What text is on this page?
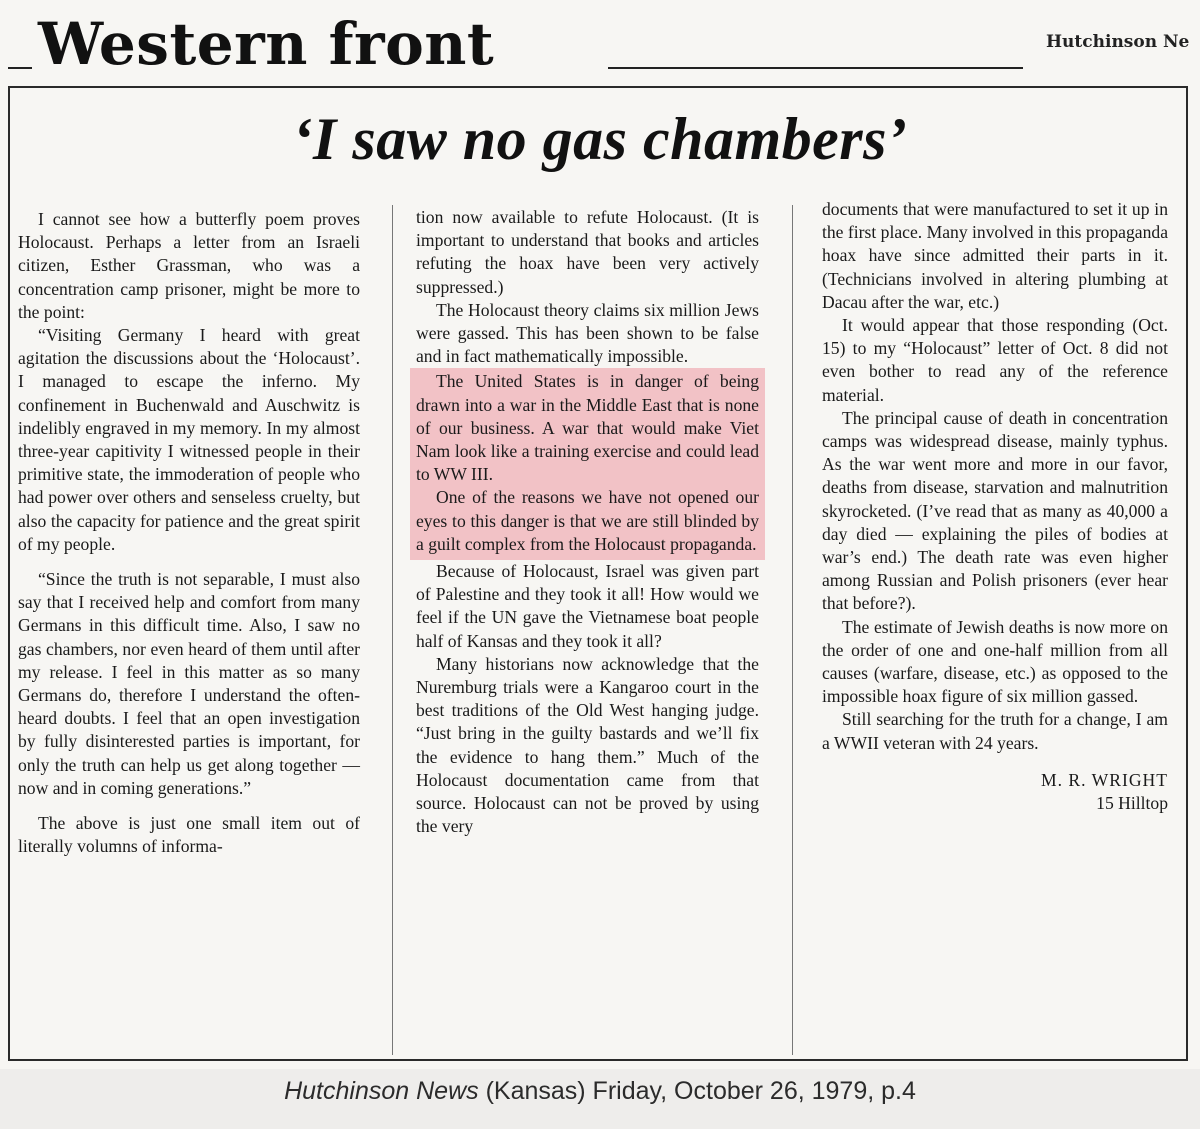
Western front	Hutchinson Ne
‘I saw no gas chambers’

I cannot see how a butterfly poem proves Holocaust. Perhaps a letter from an Israeli citizen, Esther Grassman, who was a concentration camp prisoner, might be more to the point:

“Visiting Germany I heard with great agitation the discussions about the ‘Holocaust’. I managed to escape the inferno. My confinement in Buchenwald and Auschwitz is indelibly engraved in my memory. In my almost three-year capitivity I witnessed people in their primitive state, the immoderation of people who had power over others and senseless cruelty, but also the capacity for patience and the great spirit of my people.

“Since the truth is not separable, I must also say that I received help and comfort from many Germans in this difficult time. Also, I saw no gas chambers, nor even heard of them until after my release. I feel in this matter as so many Germans do, therefore I understand the often-heard doubts. I feel that an open investigation by fully disinterested parties is important, for only the truth can help us get along together — now and in coming generations.”

The above is just one small item out of literally volumns of informa-

tion now available to refute Holocaust. (It is important to understand that books and articles refuting the hoax have been very actively suppressed.)

The Holocaust theory claims six million Jews were gassed. This has been shown to be false and in fact mathematically impossible.

The United States is in danger of being drawn into a war in the Middle East that is none of our business. A war that would make Viet Nam look like a training exercise and could lead to WW III.

One of the reasons we have not opened our eyes to this danger is that we are still blinded by a guilt complex from the Holocaust propaganda.

Because of Holocaust, Israel was given part of Palestine and they took it all! How would we feel if the UN gave the Vietnamese boat people half of Kansas and they took it all?

Many historians now acknowledge that the Nuremburg trials were a Kangaroo court in the best traditions of the Old West hanging judge. “Just bring in the guilty bastards and we’ll fix the evidence to hang them.” Much of the Holocaust documentation came from that source. Holocaust can not be proved by using the very

documents that were manufactured to set it up in the first place. Many involved in this propaganda hoax have since admitted their parts in it. (Technicians involved in altering plumbing at Dacau after the war, etc.)

It would appear that those responding (Oct. 15) to my “Holocaust” letter of Oct. 8 did not even bother to read any of the reference material.

The principal cause of death in concentration camps was widespread disease, mainly typhus. As the war went more and more in our favor, deaths from disease, starvation and malnutrition skyrocketed. (I’ve read that as many as 40,000 a day died — explaining the piles of bodies at war’s end.) The death rate was even higher among Russian and Polish prisoners (ever hear that before?).

The estimate of Jewish deaths is now more on the order of one and one-half million from all causes (warfare, disease, etc.) as opposed to the impossible hoax figure of six million gassed.

Still searching for the truth for a change, I am a WWII veteran with 24 years.

M. R. WRIGHT
15 Hilltop
Hutchinson News (Kansas) Friday, October 26, 1979, p.4
